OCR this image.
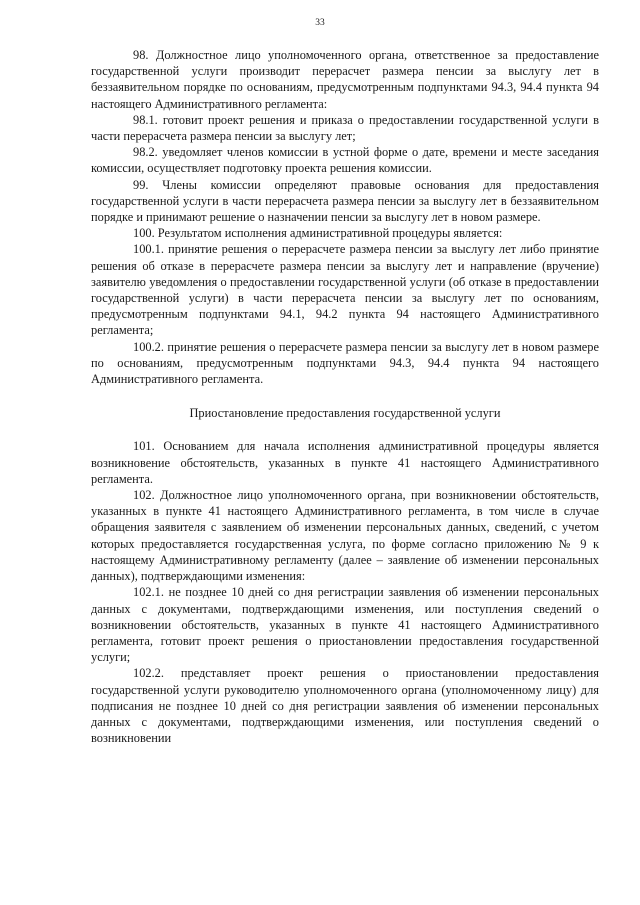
33

98. Должностное лицо уполномоченного органа, ответственное за предоставление государственной услуги производит перерасчет размера пенсии за выслугу лет в беззаявительном порядке по основаниям, предусмотренным подпунктами 94.3, 94.4 пункта 94 настоящего Административного регламента:

98.1. готовит проект решения и приказа о предоставлении государственной услуги в части перерасчета размера пенсии за выслугу лет;

98.2. уведомляет членов комиссии в устной форме о дате, времени и месте заседания комиссии, осуществляет подготовку проекта решения комиссии.

99. Члены комиссии определяют правовые основания для предоставления государственной услуги в части перерасчета размера пенсии за выслугу лет в беззаявительном порядке и принимают решение о назначении пенсии за выслугу лет в новом размере.

100. Результатом исполнения административной процедуры является:

100.1. принятие решения о перерасчете размера пенсии за выслугу лет либо принятие решения об отказе в перерасчете размера пенсии за выслугу лет и направление (вручение) заявителю уведомления о предоставлении государственной услуги (об отказе в предоставлении государственной услуги) в части перерасчета пенсии за выслугу лет по основаниям, предусмотренным подпунктами 94.1, 94.2 пункта 94 настоящего Административного регламента;

100.2. принятие решения о перерасчете размера пенсии за выслугу лет в новом размере по основаниям, предусмотренным подпунктами 94.3, 94.4 пункта 94 настоящего Административного регламента.

Приостановление предоставления государственной услуги

101. Основанием для начала исполнения административной процедуры является возникновение обстоятельств, указанных в пункте 41 настоящего Административного регламента.

102. Должностное лицо уполномоченного органа, при возникновении обстоятельств, указанных в пункте 41 настоящего Административного регламента, в том числе в случае обращения заявителя с заявлением об изменении персональных данных, сведений, с учетом которых предоставляется государственная услуга, по форме согласно приложению № 9 к настоящему Административному регламенту (далее – заявление об изменении персональных данных), подтверждающими изменения:

102.1. не позднее 10 дней со дня регистрации заявления об изменении персональных данных с документами, подтверждающими изменения, или поступления сведений о возникновении обстоятельств, указанных в пункте 41 настоящего Административного регламента, готовит проект решения о приостановлении предоставления государственной услуги;

102.2. представляет проект решения о приостановлении предоставления государственной услуги руководителю уполномоченного органа (уполномоченному лицу) для подписания не позднее 10 дней со дня регистрации заявления об изменении персональных данных с документами, подтверждающими изменения, или поступления сведений о возникновении
